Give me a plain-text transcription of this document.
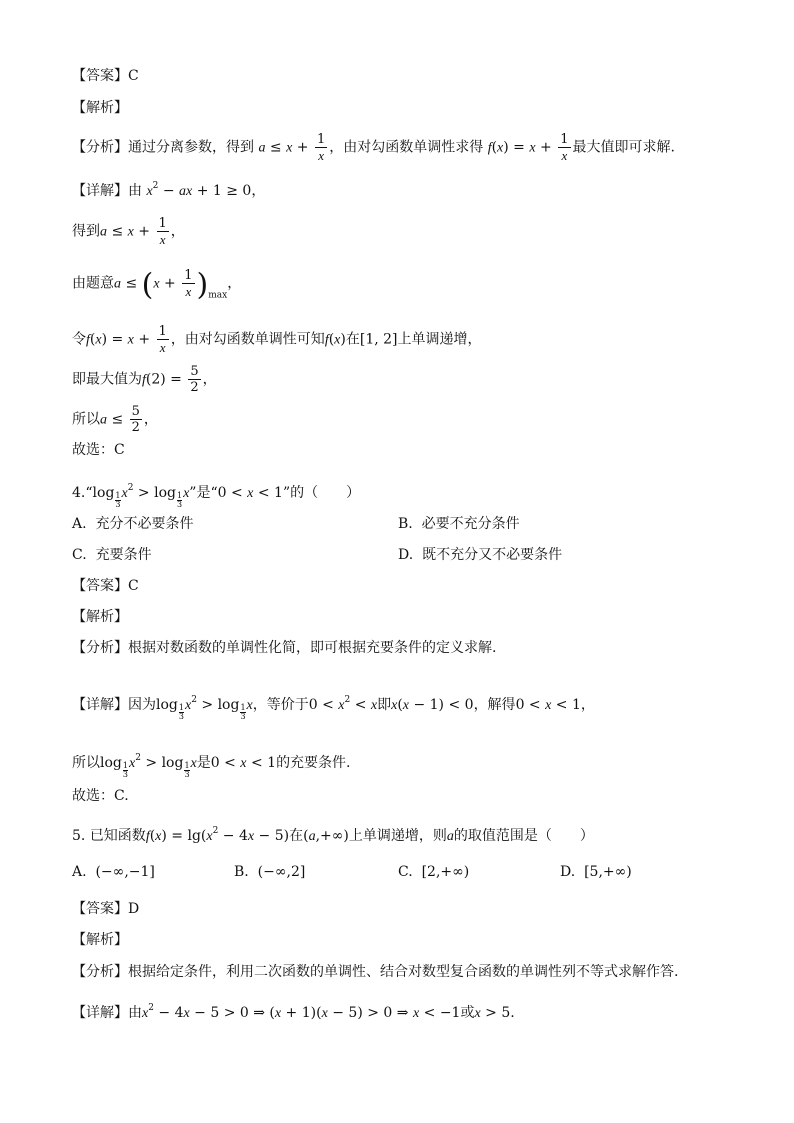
【答案】C
【解析】
【分析】通过分离参数，得到 $a \le x + \frac{1}{x}$ ，由对勾函数单调性求得 $f(x) = x + \frac{1}{x}$ 最大值即可求解.
【详解】由 $x^2$ − ax + 1 ≥ 0，
得到$a \le x + \frac{1}{x}$ ，
由题意$a \le (x + \frac{1}{x} )_{max}$，
令$f(x) = x + \frac{1}{x}$ ，由对勾函数单调性可知f(x)在[1, 2]上单调递增，
即最大值为$f(2) = \frac{5}{2}$ ，
所以$a \le \frac{5}{2}$ ，
故选：C
4.“log $\frac{1}{3} x^2 > \log \frac{1}{3} x$”是“0 < x < 1”的（　　）
A. 充分不必要条件	B. 必要不充分条件
C. 充要条件	D. 既不充分又不必要条件
【答案】C
【解析】
【分析】根据对数函数的单调性化简，即可根据充要条件的定义求解.
【详解】因为$\log \frac{1}{3} x^2 > \log \frac{1}{3}$ x，等价于$0 < x^2 < x$即x(x − 1) < 0，解得0 < x < 1，
所以$\log \frac{1}{3} x^2 > \log \frac{1}{3}$ x是0 < x < 1的充要条件.
故选：C.
5. 已知函数$f(x) = \lg(x^2 - 4x - 5)$在(a,+∞)上单调递增，则a的取值范围是（　　）
A. (−∞,−1]	B. (−∞,2]	C. [2,+∞)	D. [5,+∞)
【答案】D
【解析】
【分析】根据给定条件，利用二次函数的单调性、结合对数型复合函数的单调性列不等式求解作答.
【详解】由$x^2 - 4x - 5 > 0$ ⇒ (x + 1)(x − 5) > 0 ⇒ x < −1或x > 5.
